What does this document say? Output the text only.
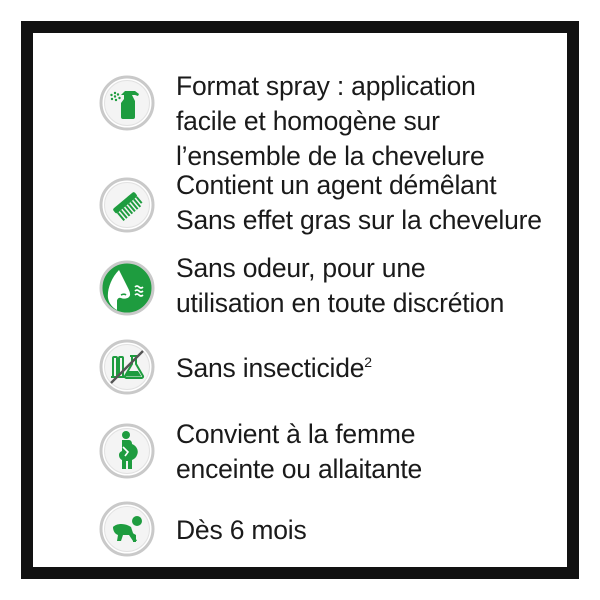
Format spray : application
facile et homogène sur
l’ensemble de la chevelure
Contient un agent démêlant
Sans effet gras sur la chevelure
Sans odeur, pour une
utilisation en toute discrétion
Sans insecticide$^2$
Convient à la femme
enceinte ou allaitante
Dès 6 mois
